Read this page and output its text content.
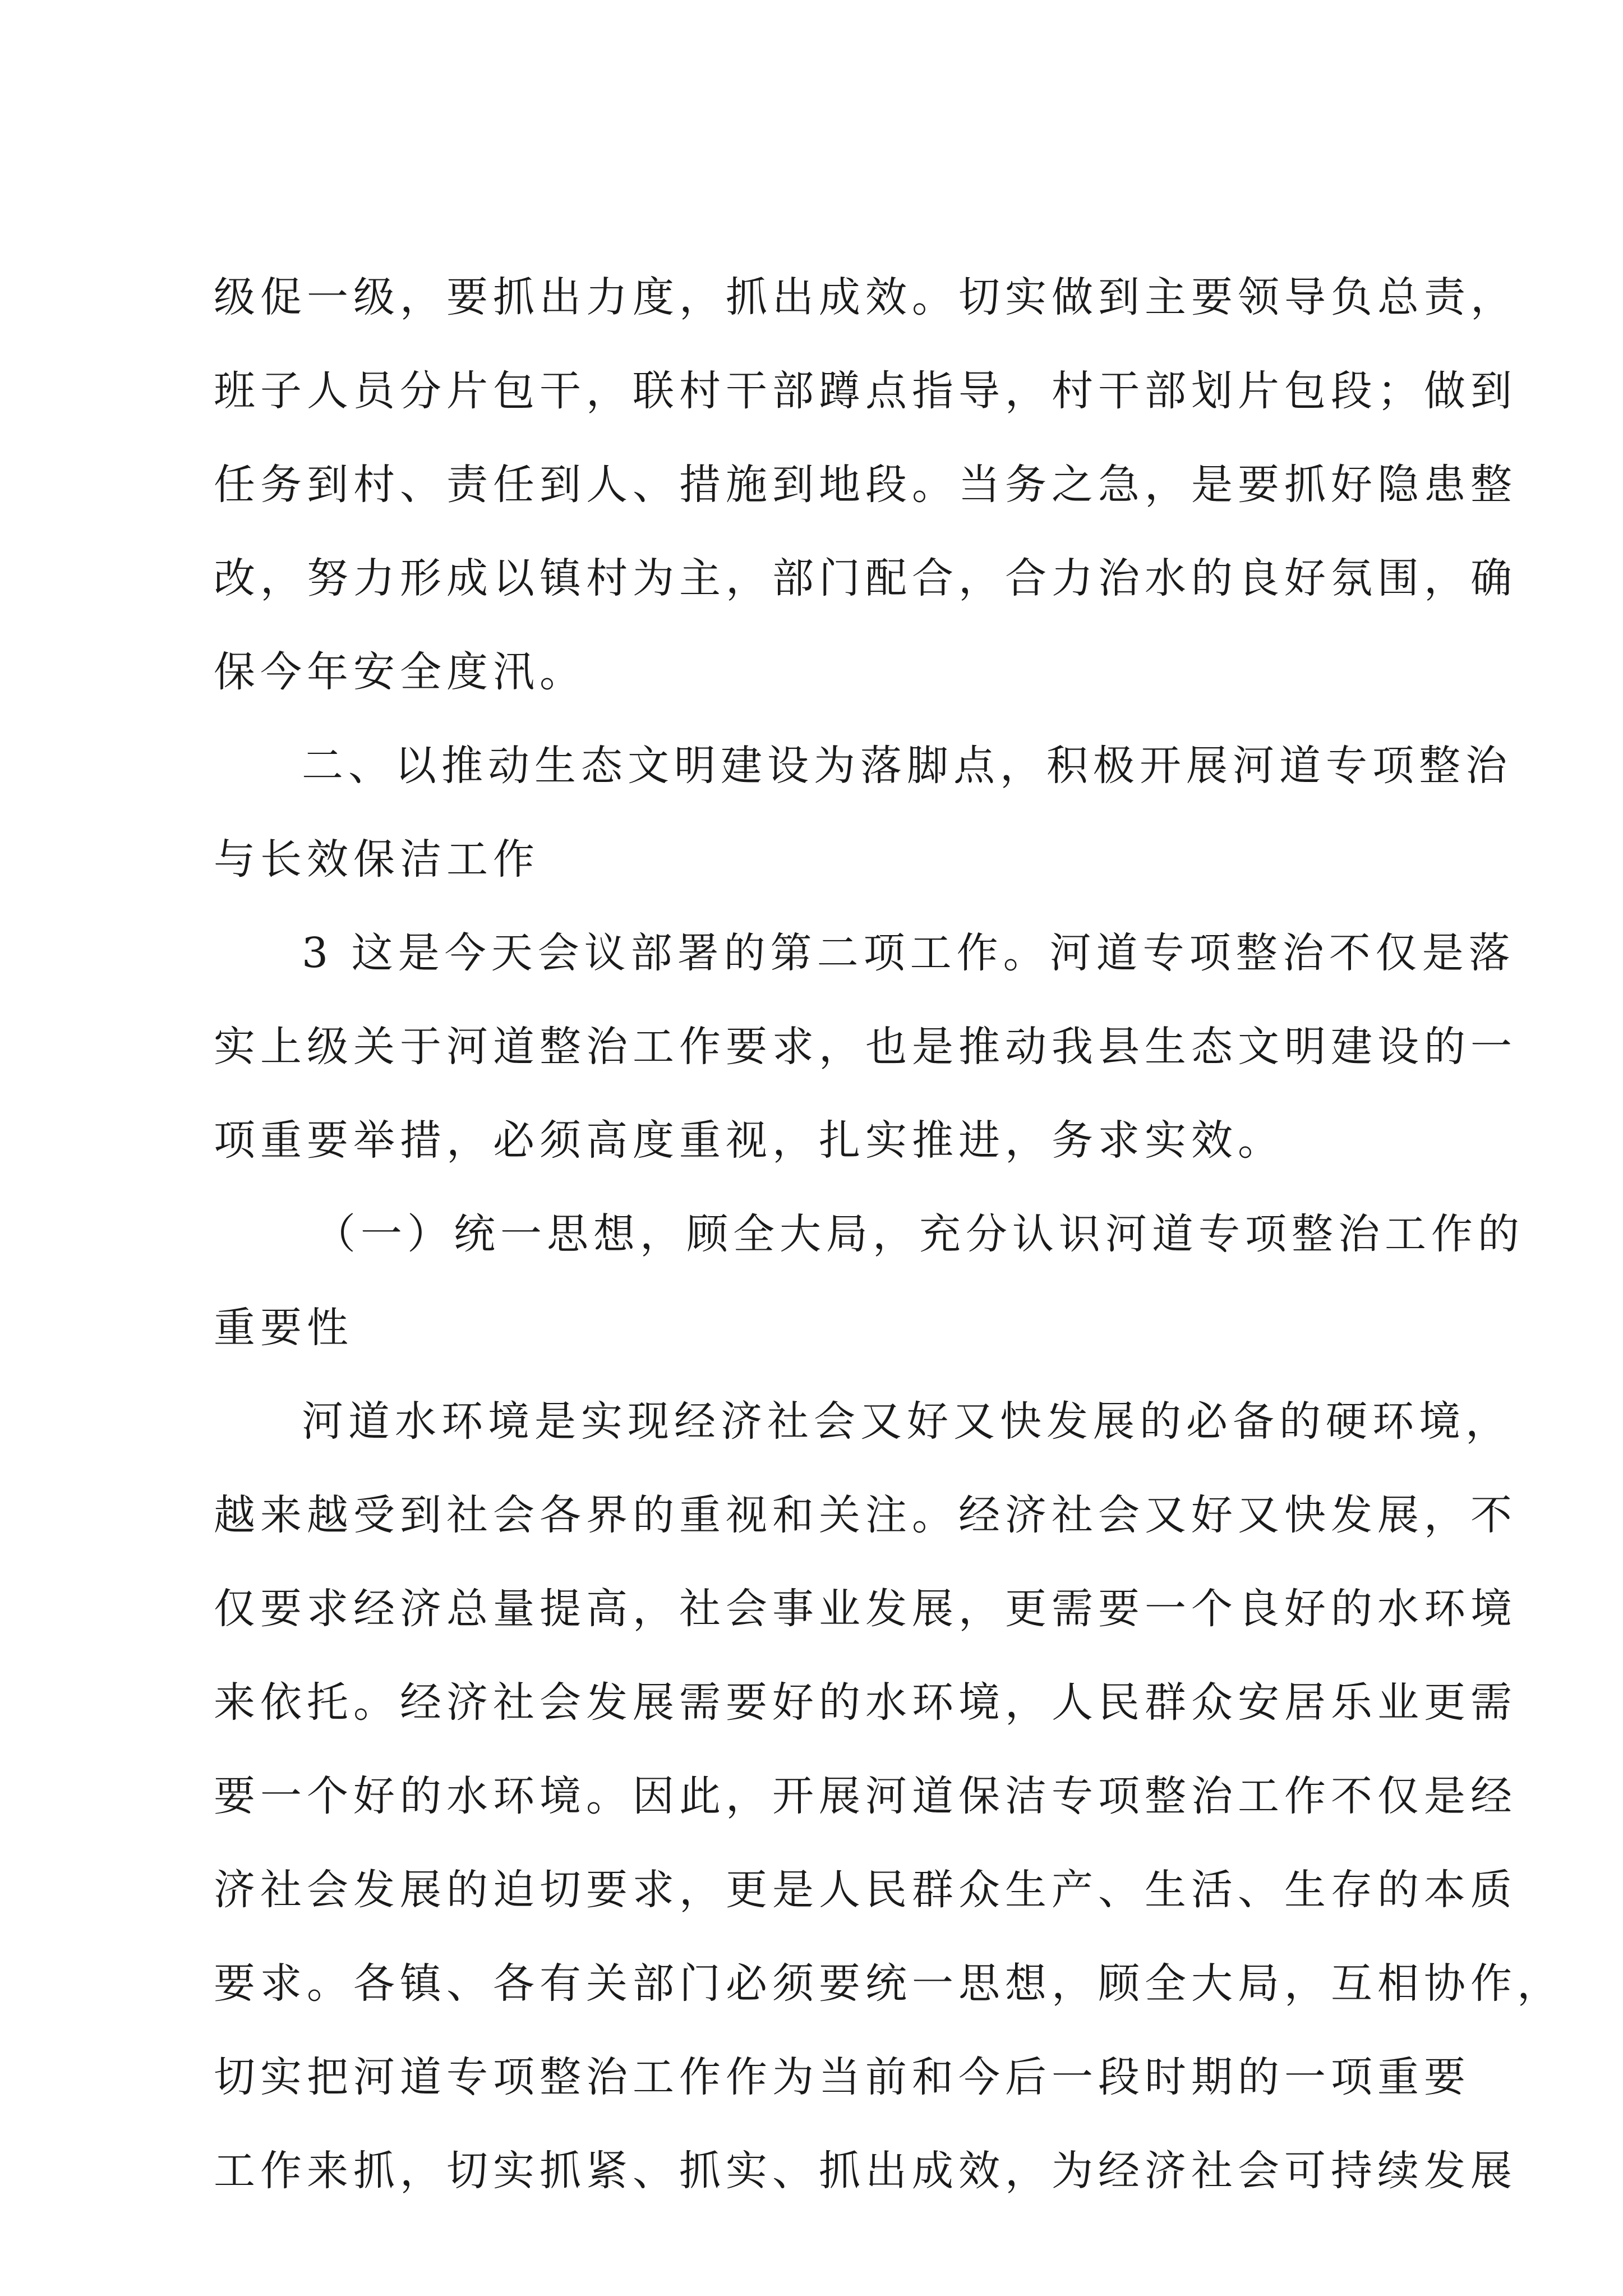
级促一级，要抓出力度，抓出成效。切实做到主要领导负总责，
班子人员分片包干，联村干部蹲点指导，村干部划片包段；做到
任务到村、责任到人、措施到地段。当务之急，是要抓好隐患整
改，努力形成以镇村为主，部门配合，合力治水的良好氛围，确
保今年安全度汛。
二、以推动生态文明建设为落脚点，积极开展河道专项整治
与长效保洁工作
3 这是今天会议部署的第二项工作。河道专项整治不仅是落
实上级关于河道整治工作要求，也是推动我县生态文明建设的一
项重要举措，必须高度重视，扎实推进，务求实效。
（一）统一思想，顾全大局，充分认识河道专项整治工作的
重要性
河道水环境是实现经济社会又好又快发展的必备的硬环境，
越来越受到社会各界的重视和关注。经济社会又好又快发展，不
仅要求经济总量提高，社会事业发展，更需要一个良好的水环境
来依托。经济社会发展需要好的水环境，人民群众安居乐业更需
要一个好的水环境。因此，开展河道保洁专项整治工作不仅是经
济社会发展的迫切要求，更是人民群众生产、生活、生存的本质
要求。各镇、各有关部门必须要统一思想，顾全大局，互相协作，
切实把河道专项整治工作作为当前和今后一段时期的一项重要
工作来抓，切实抓紧、抓实、抓出成效，为经济社会可持续发展
